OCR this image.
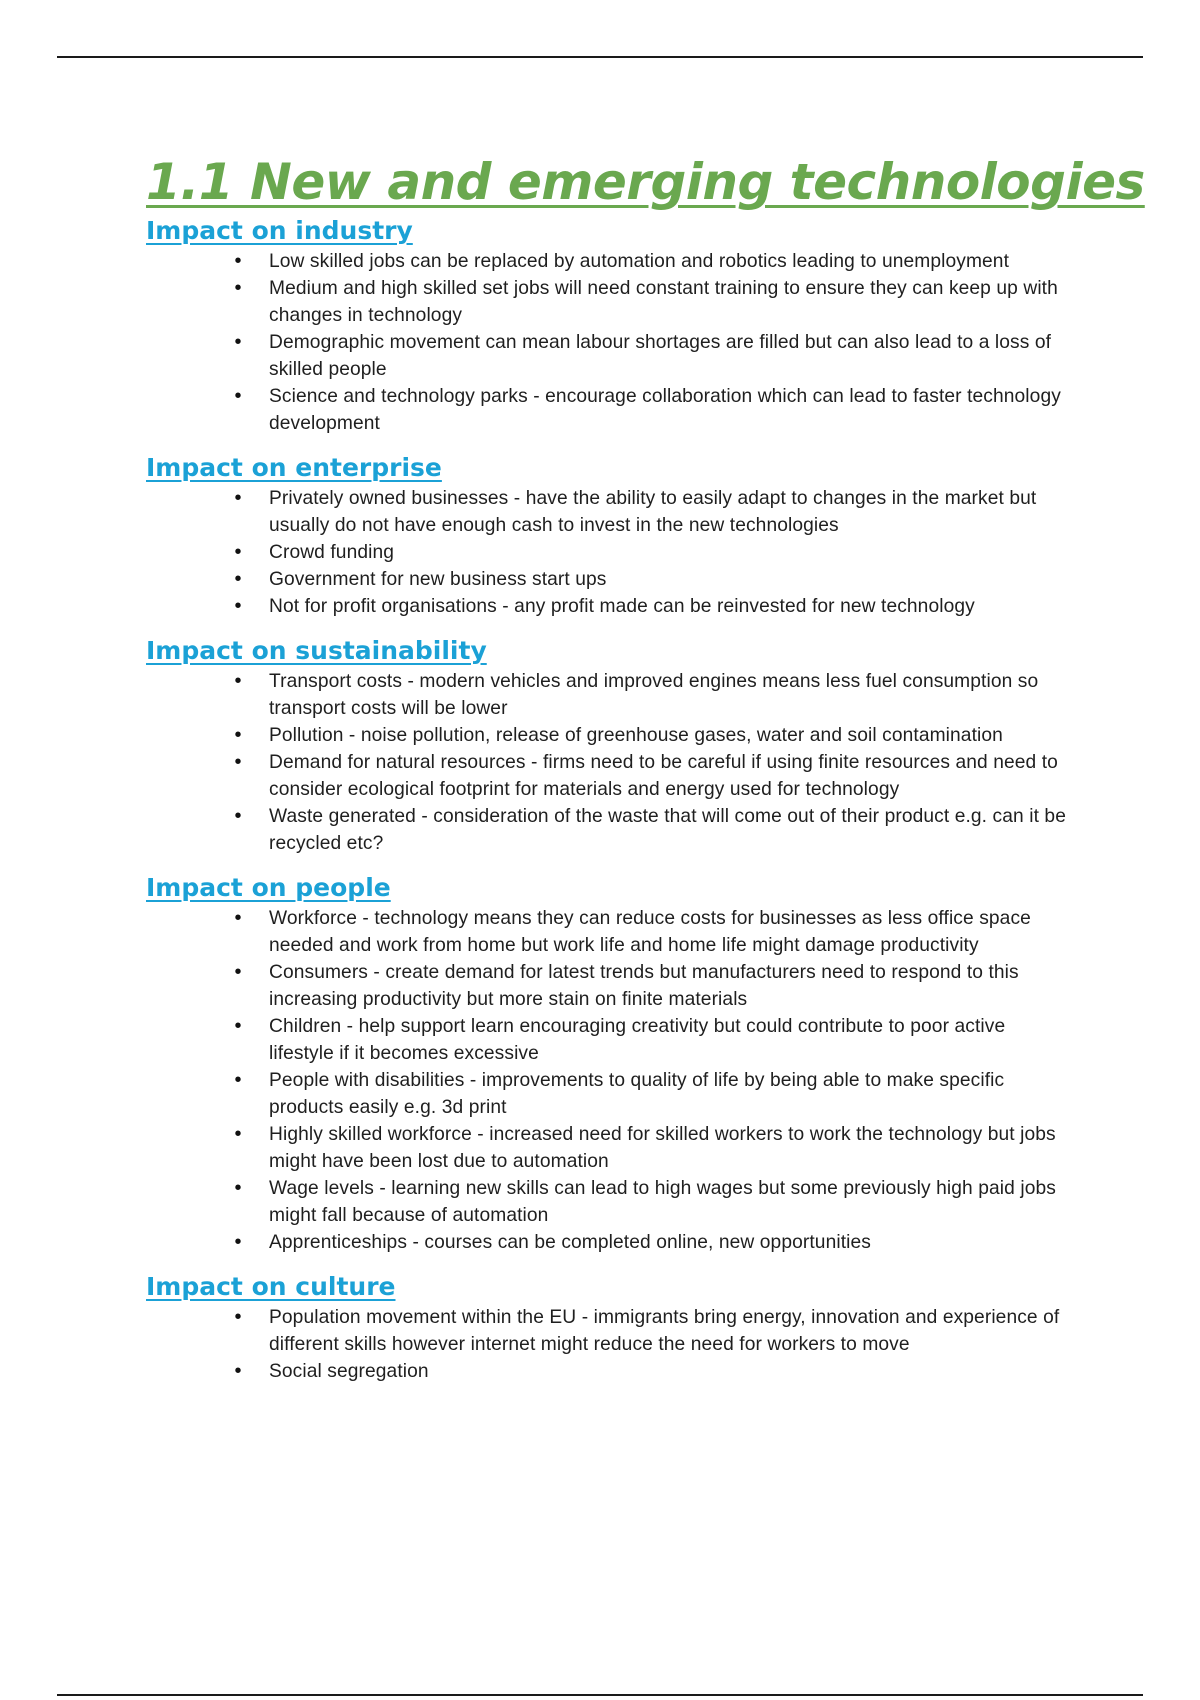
1.1 New and emerging technologies
Impact on industry
•	Low skilled jobs can be replaced by automation and robotics leading to unemployment
•	Medium and high skilled set jobs will need constant training to ensure they can keep up with changes in technology
•	Demographic movement can mean labour shortages are filled but can also lead to a loss of skilled people
•	Science and technology parks - encourage collaboration which can lead to faster technology development
Impact on enterprise
•	Privately owned businesses - have the ability to easily adapt to changes in the market but usually do not have enough cash to invest in the new technologies
•	Crowd funding
•	Government for new business start ups
•	Not for profit organisations - any profit made can be reinvested for new technology
Impact on sustainability
•	Transport costs - modern vehicles and improved engines means less fuel consumption so transport costs will be lower
•	Pollution - noise pollution, release of greenhouse gases, water and soil contamination
•	Demand for natural resources - firms need to be careful if using finite resources and need to consider ecological footprint for materials and energy used for technology
•	Waste generated - consideration of the waste that will come out of their product e.g. can it be recycled etc?
Impact on people
•	Workforce - technology means they can reduce costs for businesses as less office space needed and work from home but work life and home life might damage productivity
•	Consumers - create demand for latest trends but manufacturers need to respond to this increasing productivity but more stain on finite materials
•	Children - help support learn encouraging creativity but could contribute to poor active lifestyle if it becomes excessive
•	People with disabilities - improvements to quality of life by being able to make specific products easily e.g. 3d print
•	Highly skilled workforce - increased need for skilled workers to work the technology but jobs might have been lost due to automation
•	Wage levels - learning new skills can lead to high wages but some previously high paid jobs might fall because of automation
•	Apprenticeships - courses can be completed online, new opportunities
Impact on culture
•	Population movement within the EU - immigrants bring energy, innovation and experience of different skills however internet might reduce the need for workers to move
•	Social segregation
